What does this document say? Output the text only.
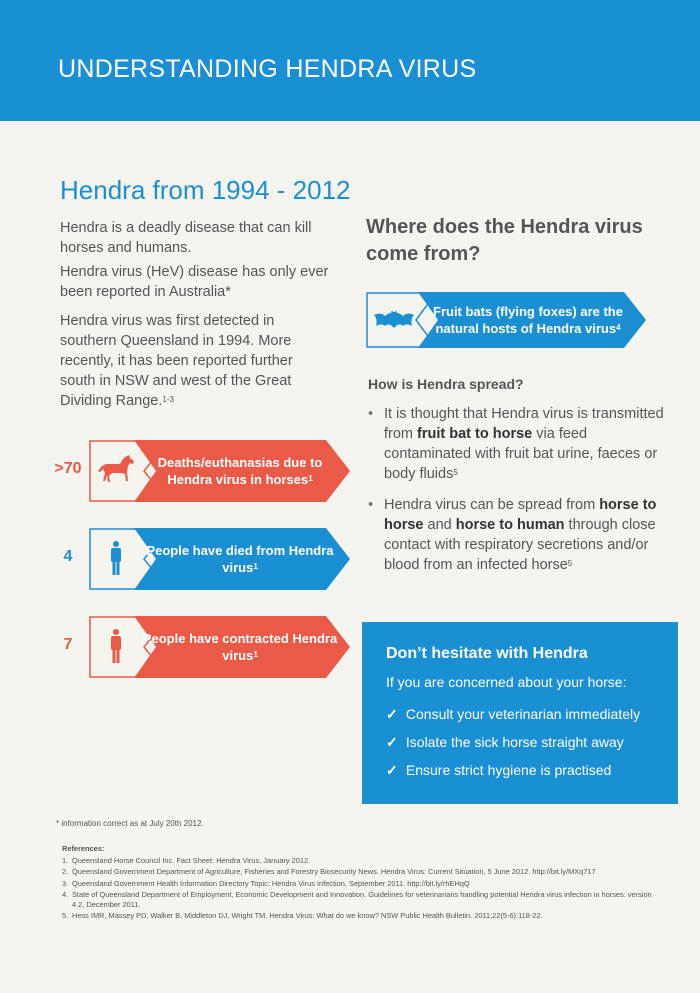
UNDERSTANDING HENDRA VIRUS
Hendra from 1994 - 2012

Hendra is a deadly disease that can kill horses and humans.

Hendra virus (HeV) disease has only ever been reported in Australia*

Hendra virus was first detected in southern Queensland in 1994. More recently, it has been reported further south in NSW and west of the Great Dividing Range.$^{1-3}$

>70	Deaths/euthanasias due to Hendra virus in horses$^1$
4	People have died from Hendra virus$^1$
7	People have contracted Hendra virus$^1$
Where does the Hendra virus come from?
Fruit bats (flying foxes) are the natural hosts of Hendra virus$^4$
How is Hendra spread?
• It is thought that Hendra virus is transmitted from fruit bat to horse via feed contaminated with fruit bat urine, faeces or body fluids$^5$
• Hendra virus can be spread from horse to horse and horse to human through close contact with respiratory secretions and/or blood from an infected horse$^5$
Don’t hesitate with Hendra
If you are concerned about your horse:
✓ Consult your veterinarian immediately
✓ Isolate the sick horse straight away
✓ Ensure strict hygiene is practised
* information correct as at July 20th 2012.
References:
1. Queensland Horse Council Inc. Fact Sheet: Hendra Virus, January 2012.
2. Queensland Government Department of Agriculture, Fisheries and Forestry Biosecurity News. Hendra Virus: Current Situation, 5 June 2012. http://bit.ly/MXq717
3. Queensland Government Health Information Directory Topic: Hendra Virus Infection, September 2011. http://bit.ly/rhEHqQ
4. State of Queensland Department of Employment, Economic Development and Innovation. Guidelines for veterinarians handling potential Hendra virus infection in horses: version 4.2, December 2011.
5. Hess IMR, Massey PD, Walker B, Middleton DJ, Wright TM. Hendra Virus: What do we know? NSW Public Health Bulletin. 2011;22(5-6):118-22.
